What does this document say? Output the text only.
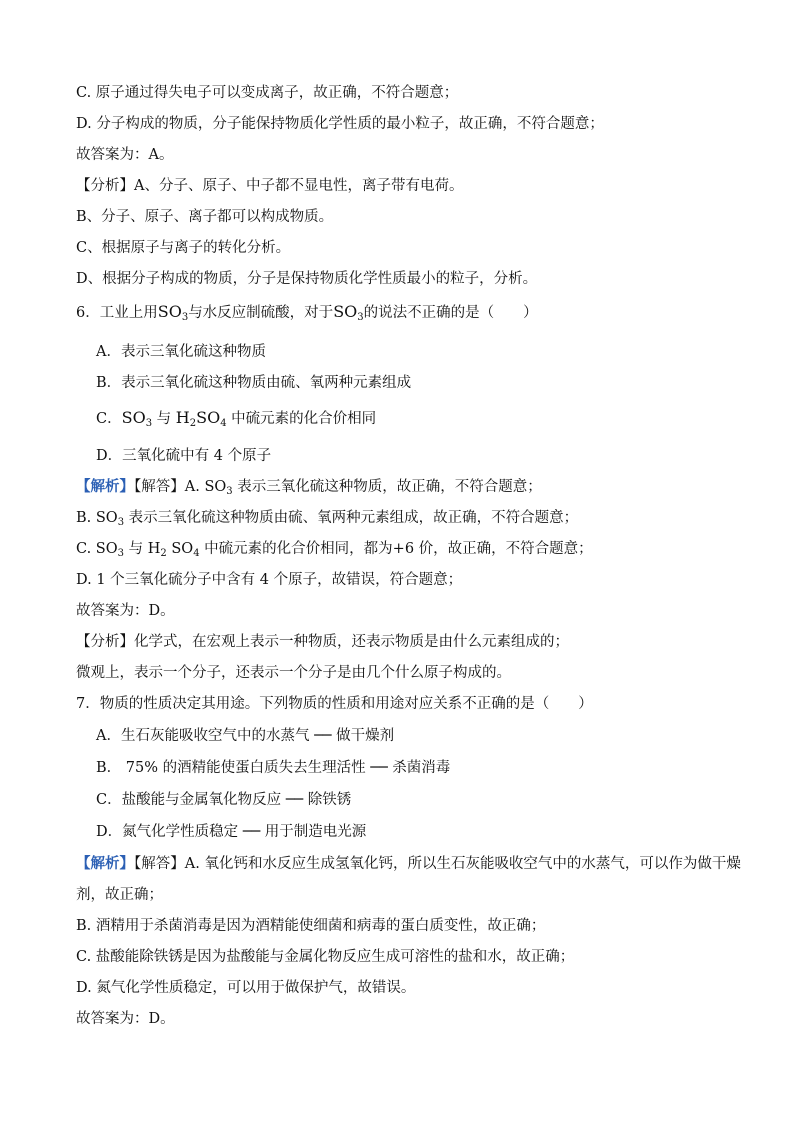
C. 原子通过得失电子可以变成离子，故正确，不符合题意；
D. 分子构成的物质，分子能保持物质化学性质的最小粒子，故正确，不符合题意；
故答案为：A。
【分析】A、分子、原子、中子都不显电性，离子带有电荷。
B、分子、原子、离子都可以构成物质。
C、根据原子与离子的转化分析。
D、根据分子构成的物质，分子是保持物质化学性质最小的粒子，分析。
6．工业上用$SO_3$与水反应制硫酸，对于$SO_3$的说法不正确的是（　　）
A．表示三氧化硫这种物质
B．表示三氧化硫这种物质由硫、氧两种元素组成
C．$SO_3$ 与 $H_2SO_4$ 中硫元素的化合价相同
D．三氧化硫中有 4 个原子
【解析】【解答】A. $SO_3$ 表示三氧化硫这种物质，故正确，不符合题意；
B. $SO_3$ 表示三氧化硫这种物质由硫、氧两种元素组成，故正确，不符合题意；
C. $SO_3$ 与 $H_2$ $SO_4$ 中硫元素的化合价相同，都为+6 价，故正确，不符合题意；
D. 1 个三氧化硫分子中含有 4 个原子，故错误，符合题意；
故答案为：D。
【分析】化学式，在宏观上表示一种物质，还表示物质是由什么元素组成的；
微观上，表示一个分子，还表示一个分子是由几个什么原子构成的。
7．物质的性质决定其用途。下列物质的性质和用途对应关系不正确的是（　　）
A．生石灰能吸收空气中的水蒸气 ── 做干燥剂
B． 75% 的酒精能使蛋白质失去生理活性 ── 杀菌消毒
C．盐酸能与金属氧化物反应 ── 除铁锈
D．氮气化学性质稳定 ── 用于制造电光源
【解析】【解答】A. 氧化钙和水反应生成氢氧化钙，所以生石灰能吸收空气中的水蒸气，可以作为做干燥
剂，故正确；
B. 酒精用于杀菌消毒是因为酒精能使细菌和病毒的蛋白质变性，故正确；
C. 盐酸能除铁锈是因为盐酸能与金属化物反应生成可溶性的盐和水，故正确；
D. 氮气化学性质稳定，可以用于做保护气，故错误。
故答案为：D。
